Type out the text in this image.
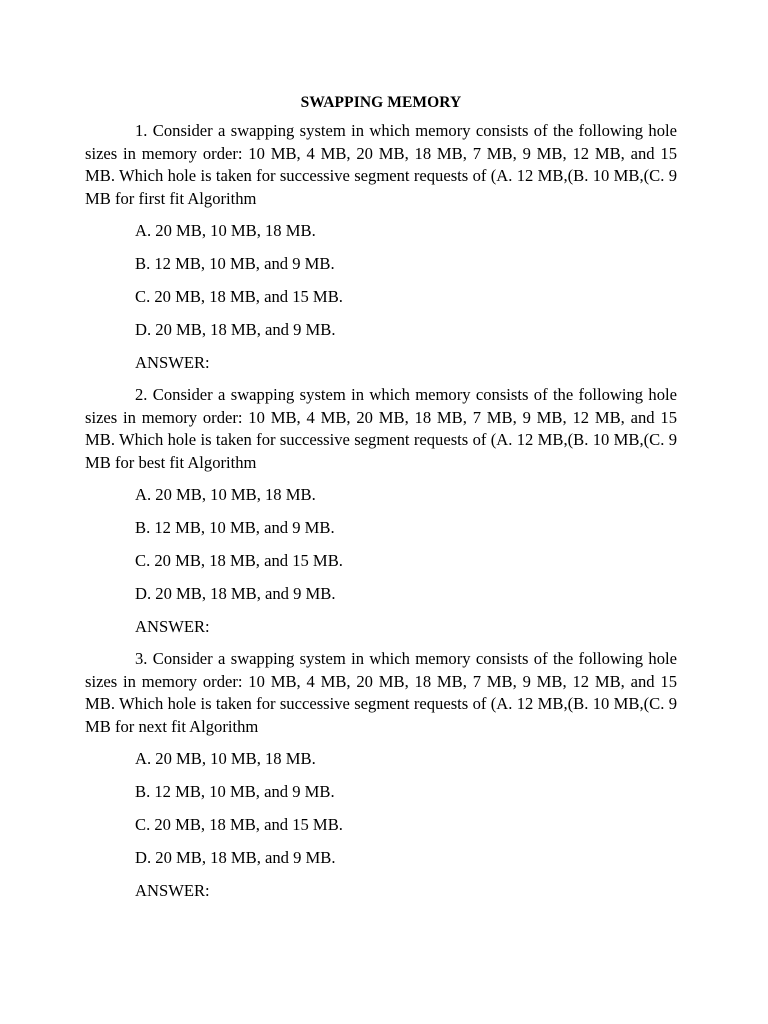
SWAPPING MEMORY

1. Consider a swapping system in which memory consists of the following hole sizes in memory order: 10 MB, 4 MB, 20 MB, 18 MB, 7 MB, 9 MB, 12 MB, and 15 MB. Which hole is taken for successive segment requests of (A. 12 MB,(B. 10 MB,(C. 9 MB for first fit Algorithm

A. 20 MB, 10 MB, 18 MB.
B. 12 MB, 10 MB, and 9 MB.
C. 20 MB, 18 MB, and 15 MB.
D. 20 MB, 18 MB, and 9 MB.
ANSWER:

2. Consider a swapping system in which memory consists of the following hole sizes in memory order: 10 MB, 4 MB, 20 MB, 18 MB, 7 MB, 9 MB, 12 MB, and 15 MB. Which hole is taken for successive segment requests of (A. 12 MB,(B. 10 MB,(C. 9 MB for best fit Algorithm

A. 20 MB, 10 MB, 18 MB.
B. 12 MB, 10 MB, and 9 MB.
C. 20 MB, 18 MB, and 15 MB.
D. 20 MB, 18 MB, and 9 MB.
ANSWER:

3. Consider a swapping system in which memory consists of the following hole sizes in memory order: 10 MB, 4 MB, 20 MB, 18 MB, 7 MB, 9 MB, 12 MB, and 15 MB. Which hole is taken for successive segment requests of (A. 12 MB,(B. 10 MB,(C. 9 MB for next fit Algorithm

A. 20 MB, 10 MB, 18 MB.
B. 12 MB, 10 MB, and 9 MB.
C. 20 MB, 18 MB, and 15 MB.
D. 20 MB, 18 MB, and 9 MB.
ANSWER:
